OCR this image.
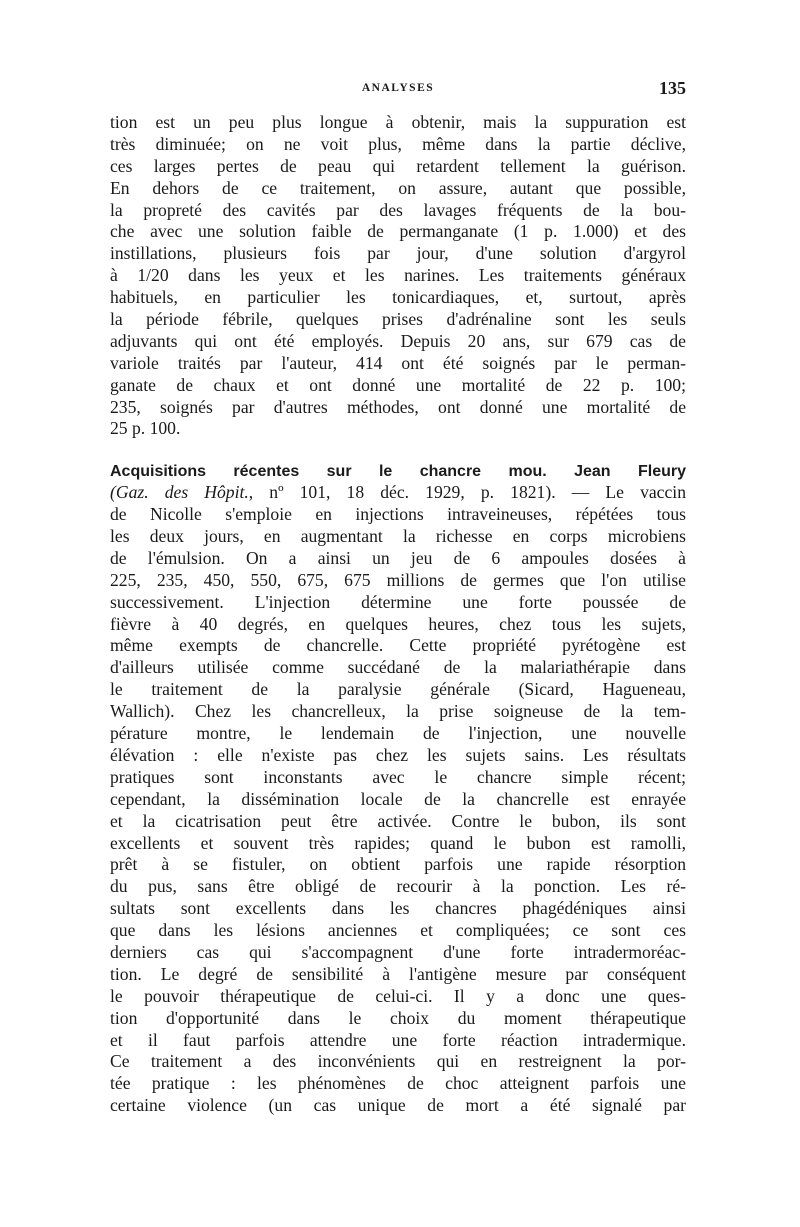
ANALYSES	135
tion est un peu plus longue à obtenir, mais la suppuration est
très diminuée; on ne voit plus, même dans la partie déclive,
ces larges pertes de peau qui retardent tellement la guérison.
En dehors de ce traitement, on assure, autant que possible,
la propreté des cavités par des lavages fréquents de la bou-
che avec une solution faible de permanganate (1 p. 1.000) et des
instillations, plusieurs fois par jour, d'une solution d'argyrol
à 1/20 dans les yeux et les narines. Les traitements généraux
habituels, en particulier les tonicardiaques, et, surtout, après
la période fébrile, quelques prises d'adrénaline sont les seuls
adjuvants qui ont été employés. Depuis 20 ans, sur 679 cas de
variole traités par l'auteur, 414 ont été soignés par le perman-
ganate de chaux et ont donné une mortalité de 22 p. 100;
235, soignés par d'autres méthodes, ont donné une mortalité de
25 p. 100.
Acquisitions récentes sur le chancre mou. Jean Fleury
(Gaz. des Hôpit., nº 101, 18 déc. 1929, p. 1821). — Le vaccin
de Nicolle s'emploie en injections intraveineuses, répétées tous
les deux jours, en augmentant la richesse en corps microbiens
de l'émulsion. On a ainsi un jeu de 6 ampoules dosées à
225, 235, 450, 550, 675, 675 millions de germes que l'on utilise
successivement. L'injection détermine une forte poussée de
fièvre à 40 degrés, en quelques heures, chez tous les sujets,
même exempts de chancrelle. Cette propriété pyrétogène est
d'ailleurs utilisée comme succédané de la malariathérapie dans
le traitement de la paralysie générale (Sicard, Hagueneau,
Wallich). Chez les chancrelleux, la prise soigneuse de la tem-
pérature montre, le lendemain de l'injection, une nouvelle
élévation : elle n'existe pas chez les sujets sains. Les résultats
pratiques sont inconstants avec le chancre simple récent;
cependant, la dissémination locale de la chancrelle est enrayée
et la cicatrisation peut être activée. Contre le bubon, ils sont
excellents et souvent très rapides; quand le bubon est ramolli,
prêt à se fistuler, on obtient parfois une rapide résorption
du pus, sans être obligé de recourir à la ponction. Les ré-
sultats sont excellents dans les chancres phagédéniques ainsi
que dans les lésions anciennes et compliquées; ce sont ces
derniers cas qui s'accompagnent d'une forte intradermoréac-
tion. Le degré de sensibilité à l'antigène mesure par conséquent
le pouvoir thérapeutique de celui-ci. Il y a donc une ques-
tion d'opportunité dans le choix du moment thérapeutique
et il faut parfois attendre une forte réaction intradermique.
Ce traitement a des inconvénients qui en restreignent la por-
tée pratique : les phénomènes de choc atteignent parfois une
certaine violence (un cas unique de mort a été signalé par
